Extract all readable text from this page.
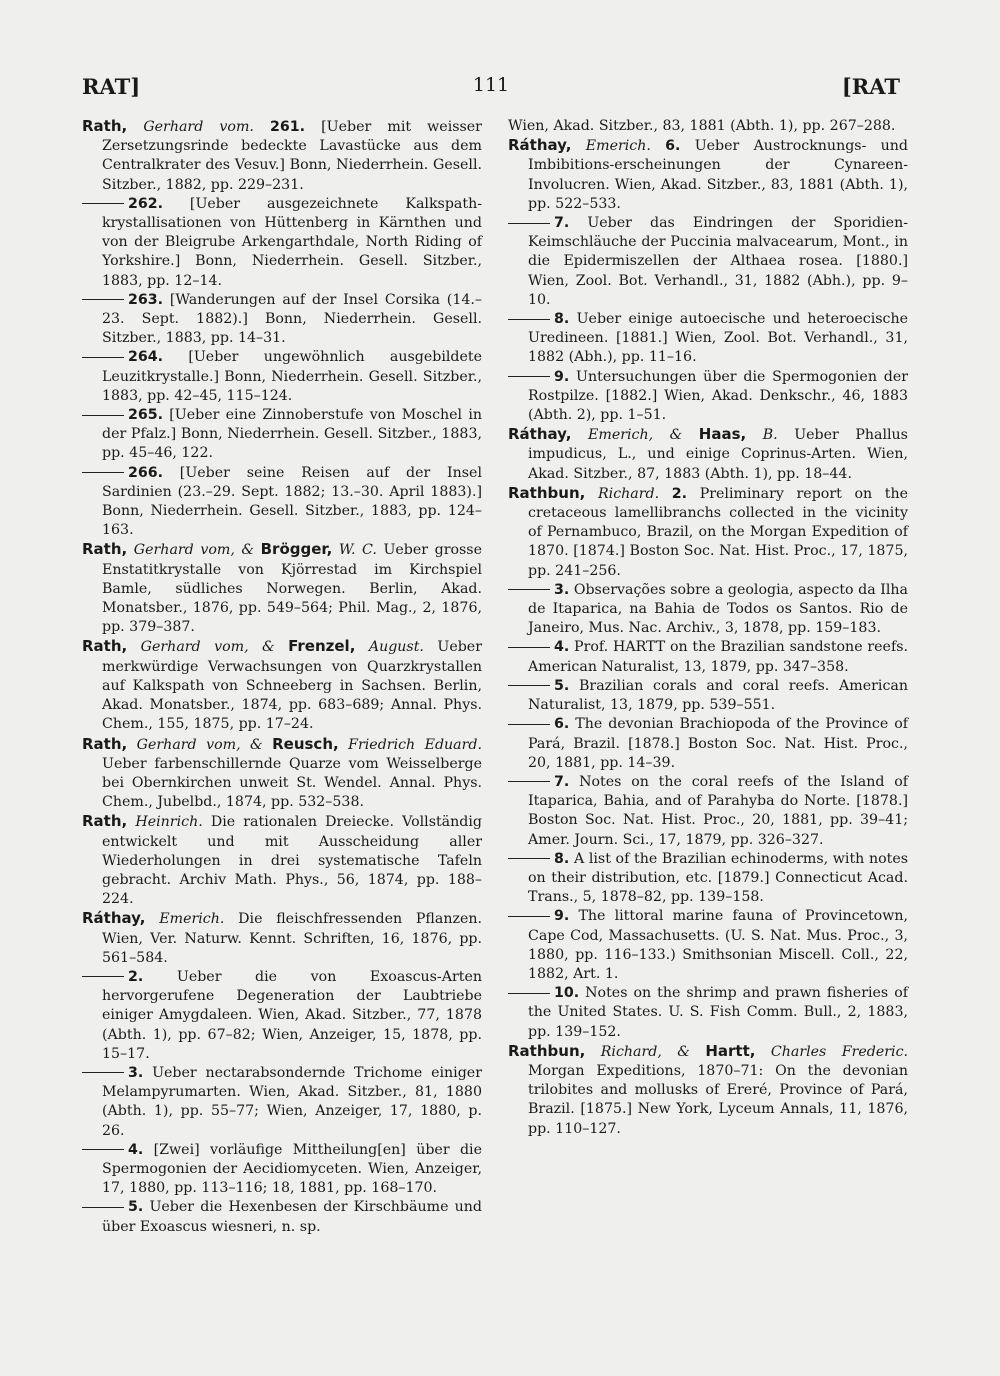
RAT]	111	[RAT

Rath, Gerhard vom. 261. [Ueber mit weisser Zersetzungsrinde bedeckte Lavastücke aus dem Centralkrater des Vesuv.] Bonn, Niederrhein. Gesell. Sitzber., 1882, pp. 229–231.

262. [Ueber ausgezeichnete Kalkspath-krystallisationen von Hüttenberg in Kärnthen und von der Bleigrube Arkengarthdale, North Riding of Yorkshire.] Bonn, Niederrhein. Gesell. Sitzber., 1883, pp. 12–14.

263. [Wanderungen auf der Insel Corsika (14.–23. Sept. 1882).] Bonn, Niederrhein. Gesell. Sitzber., 1883, pp. 14–31.

264. [Ueber ungewöhnlich ausgebildete Leuzitkrystalle.] Bonn, Niederrhein. Gesell. Sitzber., 1883, pp. 42–45, 115–124.

265. [Ueber eine Zinnoberstufe von Moschel in der Pfalz.] Bonn, Niederrhein. Gesell. Sitzber., 1883, pp. 45–46, 122.

266. [Ueber seine Reisen auf der Insel Sardinien (23.–29. Sept. 1882; 13.–30. April 1883).] Bonn, Niederrhein. Gesell. Sitzber., 1883, pp. 124–163.

Rath, Gerhard vom, & Brögger, W. C. Ueber grosse Enstatitkrystalle von Kjörrestad im Kirchspiel Bamle, südliches Norwegen. Berlin, Akad. Monatsber., 1876, pp. 549–564; Phil. Mag., 2, 1876, pp. 379–387.

Rath, Gerhard vom, & Frenzel, August. Ueber merkwürdige Verwachsungen von Quarzkrystallen auf Kalkspath von Schneeberg in Sachsen. Berlin, Akad. Monatsber., 1874, pp. 683–689; Annal. Phys. Chem., 155, 1875, pp. 17–24.

Rath, Gerhard vom, & Reusch, Friedrich Eduard. Ueber farbenschillernde Quarze vom Weisselberge bei Obernkirchen unweit St. Wendel. Annal. Phys. Chem., Jubelbd., 1874, pp. 532–538.

Rath, Heinrich. Die rationalen Dreiecke. Vollständig entwickelt und mit Ausscheidung aller Wiederholungen in drei systematische Tafeln gebracht. Archiv Math. Phys., 56, 1874, pp. 188–224.

Ráthay, Emerich. Die fleischfressenden Pflanzen. Wien, Ver. Naturw. Kennt. Schriften, 16, 1876, pp. 561–584.

2. Ueber die von Exoascus-Arten hervorgerufene Degeneration der Laubtriebe einiger Amygdaleen. Wien, Akad. Sitzber., 77, 1878 (Abth. 1), pp. 67–82; Wien, Anzeiger, 15, 1878, pp. 15–17.

3. Ueber nectarabsondernde Trichome einiger Melampyrumarten. Wien, Akad. Sitzber., 81, 1880 (Abth. 1), pp. 55–77; Wien, Anzeiger, 17, 1880, p. 26.

4. [Zwei] vorläufige Mittheilung[en] über die Spermogonien der Aecidiomyceten. Wien, Anzeiger, 17, 1880, pp. 113–116; 18, 1881, pp. 168–170.

5. Ueber die Hexenbesen der Kirschbäume und über Exoascus wiesneri, n. sp.

Wien, Akad. Sitzber., 83, 1881 (Abth. 1), pp. 267–288.

Ráthay, Emerich. 6. Ueber Austrocknungs- und Imbibitions-erscheinungen der Cynareen-Involucren. Wien, Akad. Sitzber., 83, 1881 (Abth. 1), pp. 522–533.

7. Ueber das Eindringen der Sporidien-Keimschläuche der Puccinia malvacearum, Mont., in die Epidermiszellen der Althaea rosea. [1880.] Wien, Zool. Bot. Verhandl., 31, 1882 (Abh.), pp. 9–10.

8. Ueber einige autoecische und heteroecische Uredineen. [1881.] Wien, Zool. Bot. Verhandl., 31, 1882 (Abh.), pp. 11–16.

9. Untersuchungen über die Spermogonien der Rostpilze. [1882.] Wien, Akad. Denkschr., 46, 1883 (Abth. 2), pp. 1–51.

Ráthay, Emerich, & Haas, B. Ueber Phallus impudicus, L., und einige Coprinus-Arten. Wien, Akad. Sitzber., 87, 1883 (Abth. 1), pp. 18–44.

Rathbun, Richard. 2. Preliminary report on the cretaceous lamellibranchs collected in the vicinity of Pernambuco, Brazil, on the Morgan Expedition of 1870. [1874.] Boston Soc. Nat. Hist. Proc., 17, 1875, pp. 241–256.

3. Observações sobre a geologia, aspecto da Ilha de Itaparica, na Bahia de Todos os Santos. Rio de Janeiro, Mus. Nac. Archiv., 3, 1878, pp. 159–183.

4. Prof. HARTT on the Brazilian sandstone reefs. American Naturalist, 13, 1879, pp. 347–358.

5. Brazilian corals and coral reefs. American Naturalist, 13, 1879, pp. 539–551.

6. The devonian Brachiopoda of the Province of Pará, Brazil. [1878.] Boston Soc. Nat. Hist. Proc., 20, 1881, pp. 14–39.

7. Notes on the coral reefs of the Island of Itaparica, Bahia, and of Parahyba do Norte. [1878.] Boston Soc. Nat. Hist. Proc., 20, 1881, pp. 39–41; Amer. Journ. Sci., 17, 1879, pp. 326–327.

8. A list of the Brazilian echinoderms, with notes on their distribution, etc. [1879.] Connecticut Acad. Trans., 5, 1878–82, pp. 139–158.

9. The littoral marine fauna of Provincetown, Cape Cod, Massachusetts. (U. S. Nat. Mus. Proc., 3, 1880, pp. 116–133.) Smithsonian Miscell. Coll., 22, 1882, Art. 1.

10. Notes on the shrimp and prawn fisheries of the United States. U. S. Fish Comm. Bull., 2, 1883, pp. 139–152.

Rathbun, Richard, & Hartt, Charles Frederic. Morgan Expeditions, 1870–71: On the devonian trilobites and mollusks of Ereré, Province of Pará, Brazil. [1875.] New York, Lyceum Annals, 11, 1876, pp. 110–127.
